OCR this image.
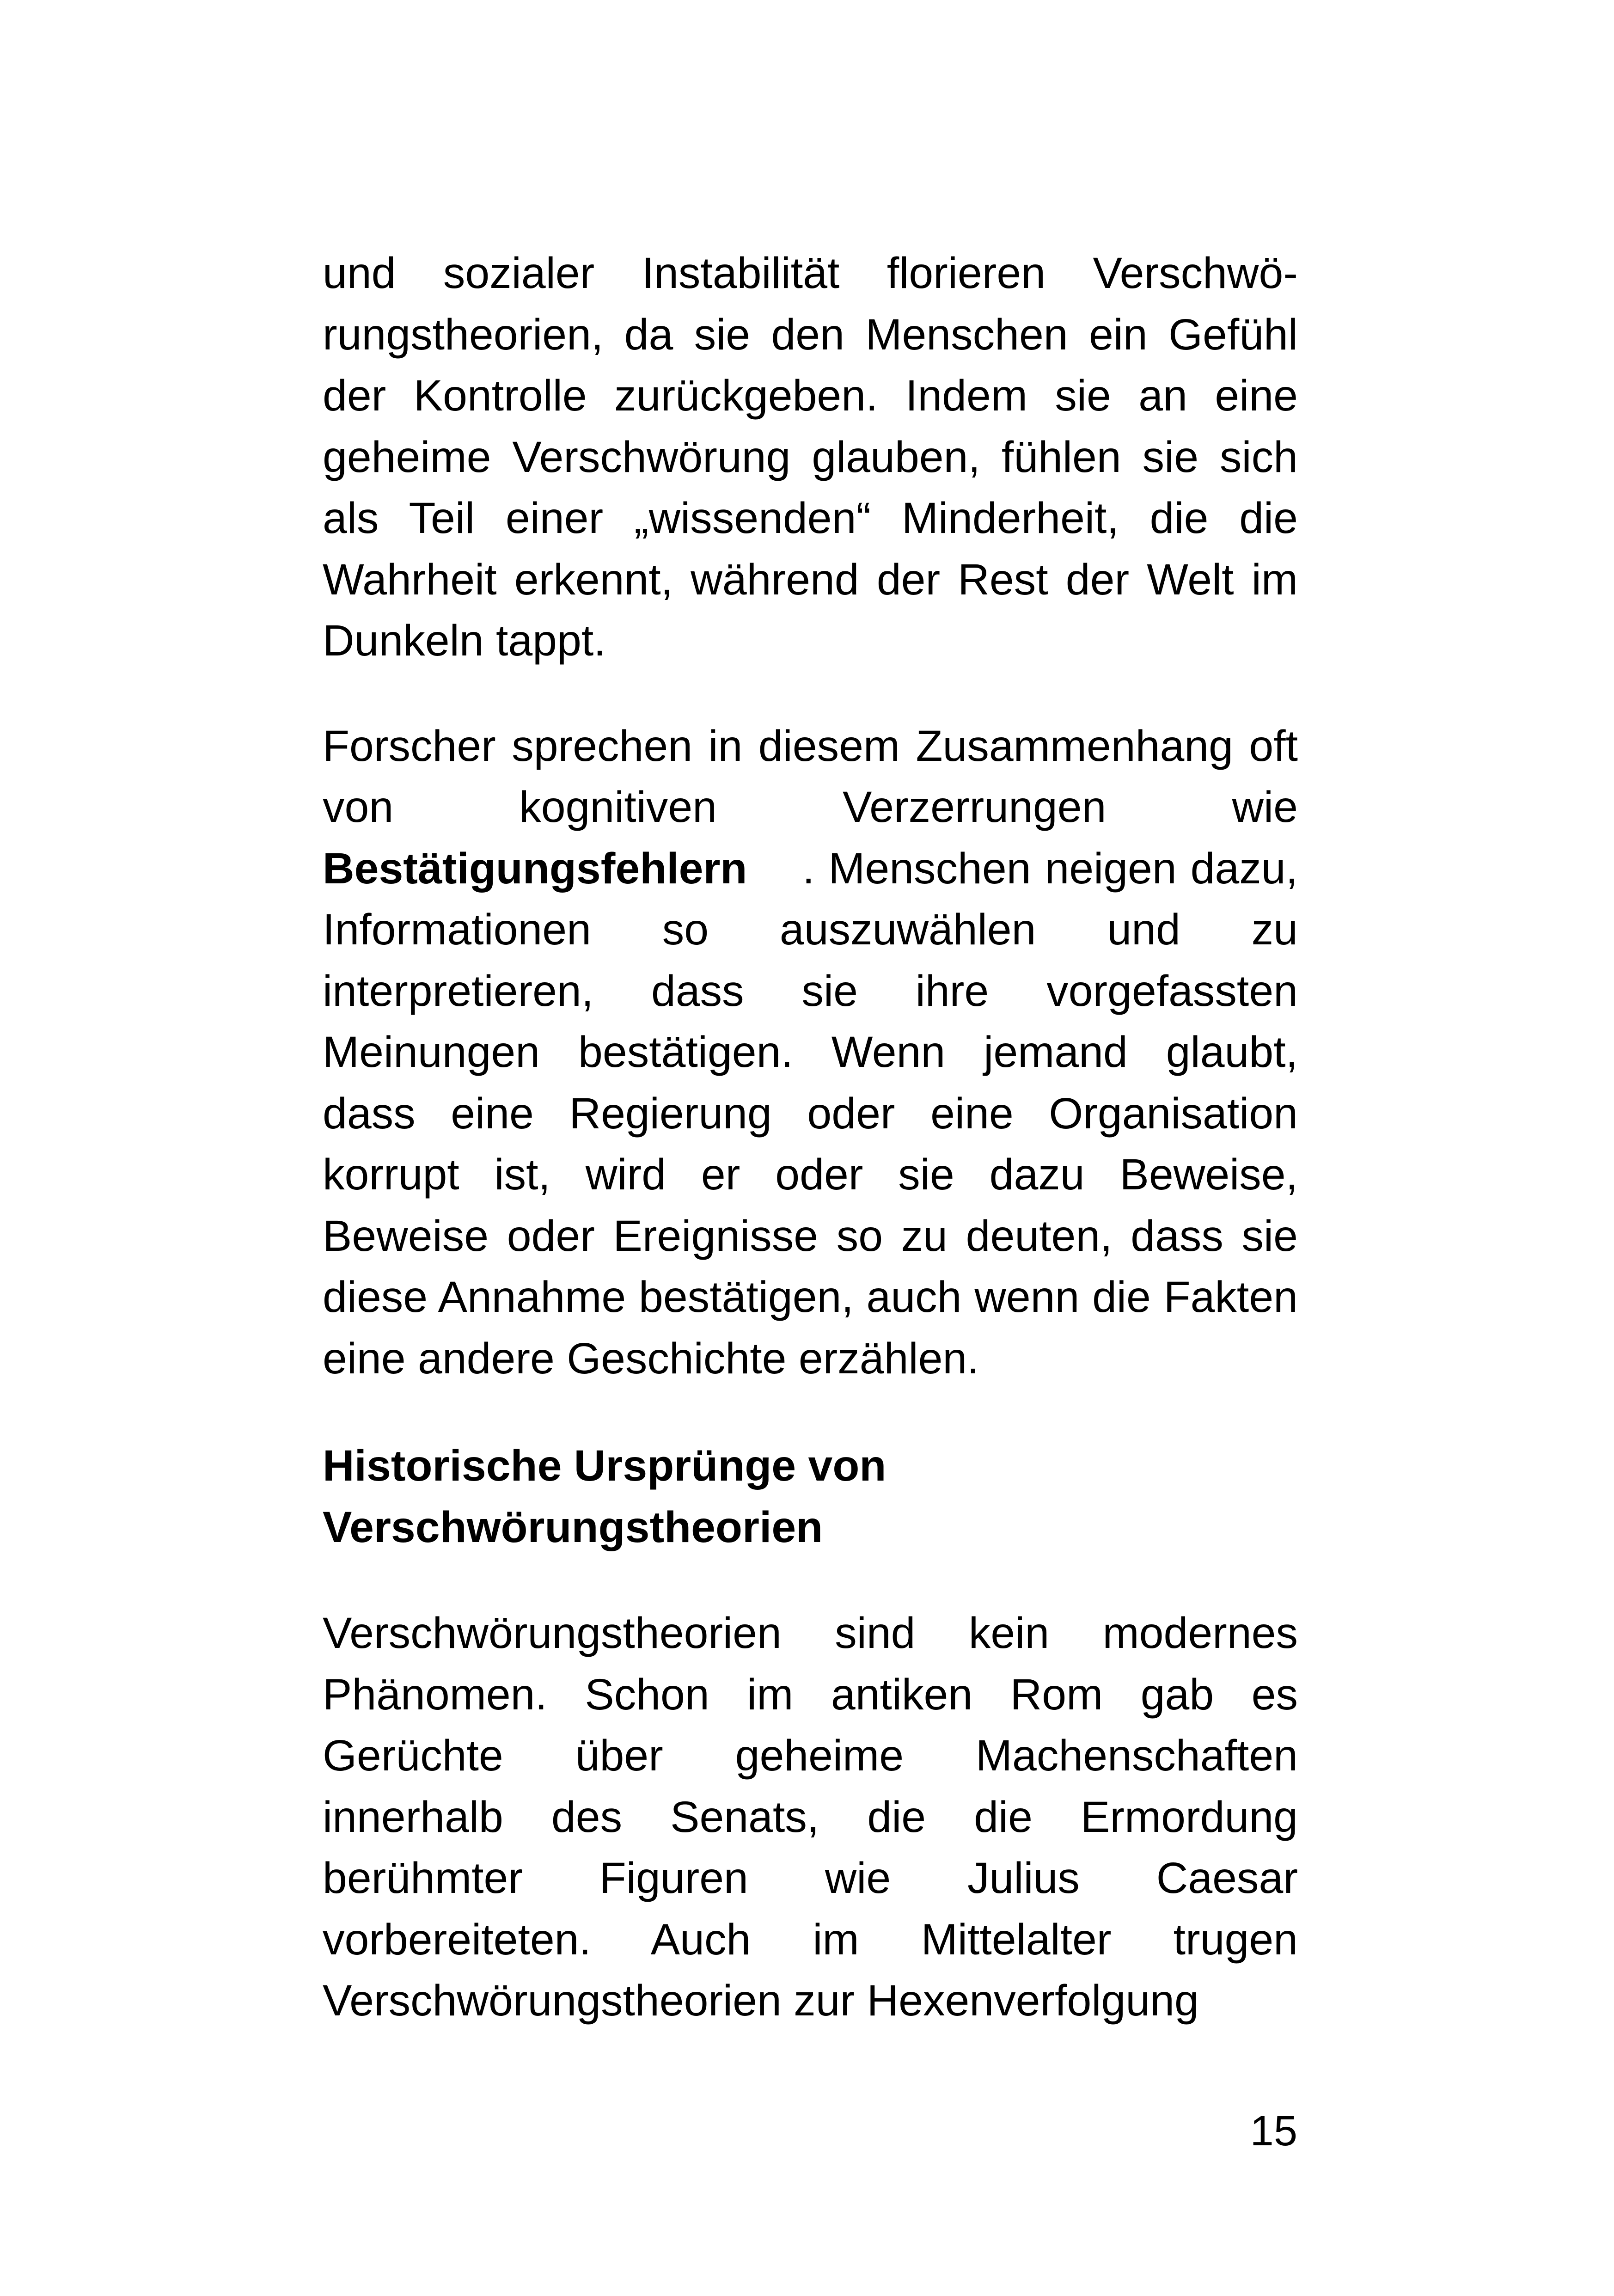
und sozialer Instabilität florieren Verschwö-rungstheorien, da sie den Menschen ein Gefühl der Kontrolle zurückgeben. Indem sie an eine geheime Verschwörung glauben, fühlen sie sich als Teil einer „wissenden“ Minderheit, die die Wahrheit erkennt, während der Rest der Welt im Dunkeln tappt.

Forscher sprechen in diesem Zusammenhang oft von kognitiven Verzerrungen wie Bestätigungsfehlern . Menschen neigen dazu, Informationen so auszuwählen und zu interpretieren, dass sie ihre vorgefassten Meinungen bestätigen. Wenn jemand glaubt, dass eine Regierung oder eine Organisation korrupt ist, wird er oder sie dazu Beweise, Beweise oder Ereignisse so zu deuten, dass sie diese Annahme bestätigen, auch wenn die Fakten eine andere Geschichte erzählen.

Historische Ursprünge von
Verschwörungstheorien

Verschwörungstheorien sind kein modernes Phänomen. Schon im antiken Rom gab es Gerüchte über geheime Machenschaften innerhalb des Senats, die die Ermordung berühmter Figuren wie Julius Caesar vorbereiteten. Auch im Mittelalter trugen Verschwörungstheorien zur Hexenverfolgung

15
